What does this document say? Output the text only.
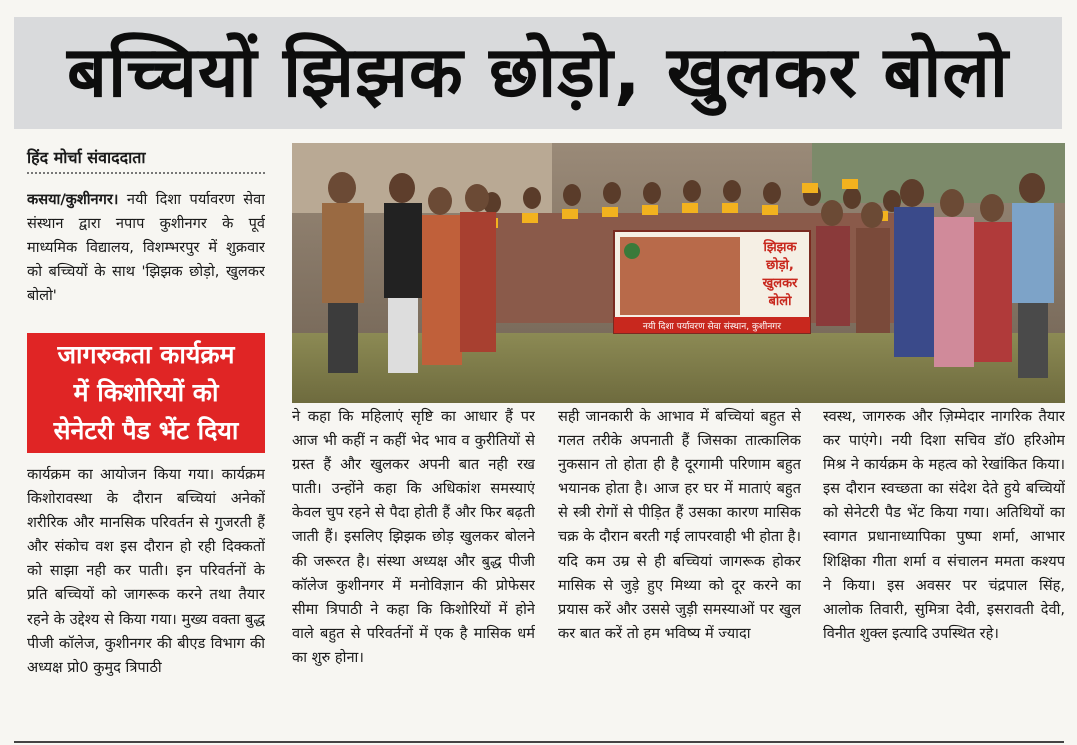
बच्चियों झिझक छोड़ो, खुलकर बोलो
हिंद मोर्चा संवाददाता
कसया/कुशीनगर। नयी दिशा पर्यावरण सेवा संस्थान द्वारा नपाप कुशीनगर के पूर्व माध्यमिक विद्यालय, विशम्भरपुर में शुक्रवार को बच्चियों के साथ 'झिझक छोड़ो, खुलकर बोलो'
जागरुकता कार्यक्रम
में किशोरियों को
सेनेटरी पैड भेंट दिया
कार्यक्रम का आयोजन किया गया। कार्यक्रम किशोरावस्था के दौरान बच्चियां अनेकों शरीरिक और मानसिक परिवर्तन से गुजरती हैं और संकोच वश इस दौरान हो रही दिक्कतों को साझा नही कर पाती। इन परिवर्तनों के प्रति बच्चियों को जागरूक करने तथा तैयार रहने के उद्देश्य से किया गया। मुख्य वक्ता बुद्ध पीजी कॉलेज, कुशीनगर की बीएड विभाग की अध्यक्ष प्रो0 कुमुद त्रिपाठी
ने कहा कि महिलाएं सृष्टि का आधार हैं पर आज भी कहीं न कहीं भेद भाव व कुरीतियों से ग्रस्त हैं और खुलकर अपनी बात नही रख पाती। उन्होंने कहा कि अधिकांश समस्याएं केवल चुप रहने से पैदा होती हैं और फिर बढ़ती जाती हैं। इसलिए झिझक छोड़ खुलकर बोलने की जरूरत है। संस्था अध्यक्ष और बुद्ध पीजी कॉलेज कुशीनगर में मनोविज्ञान की प्रोफेसर सीमा त्रिपाठी ने कहा कि किशोरियों में होने वाले बहुत से परिवर्तनों में एक है मासिक धर्म का शुरु होना।
सही जानकारी के आभाव में बच्चियां बहुत से गलत तरीके अपनाती हैं जिसका तात्कालिक नुकसान तो होता ही है दूरगामी परिणाम बहुत भयानक होता है। आज हर घर में माताएं बहुत से स्त्री रोगों से पीड़ित हैं उसका कारण मासिक चक्र के दौरान बरती गई लापरवाही भी होता है। यदि कम उम्र से ही बच्चियां जागरूक होकर मासिक से जुड़े हुए मिथ्या को दूर करने का प्रयास करें और उससे जुड़ी समस्याओं पर खुल कर बात करें तो हम भविष्य में ज्यादा
स्वस्थ, जागरुक और ज़िम्मेदार नागरिक तैयार कर पाएंगे। नयी दिशा सचिव डॉ0 हरिओम मिश्र ने कार्यक्रम के महत्व को रेखांकित किया। इस दौरान स्वच्छता का संदेश देते हुये बच्चियों को सेनेटरी पैड भेंट किया गया। अतिथियों का स्वागत प्रधानाध्यापिका पुष्पा शर्मा, आभार शिक्षिका गीता शर्मा व संचालन ममता कश्यप ने किया। इस अवसर पर चंद्रपाल सिंह, आलोक तिवारी, सुमित्रा देवी, इसरावती देवी, विनीत शुक्ल इत्यादि उपस्थित रहे।
झिझक
छोड़ो,
खुलकर
बोलो
नयी दिशा पर्यावरण सेवा संस्थान, कुशीनगर
